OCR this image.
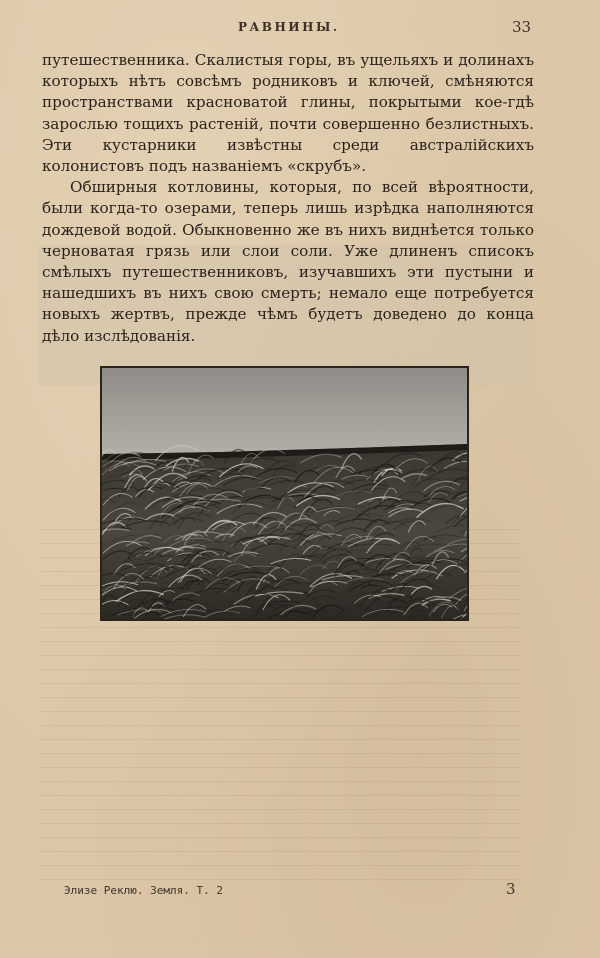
РАВНИНЫ.	33

путешественника. Скалистыя горы, въ ущельяхъ и долинахъ которыхъ нѣтъ совсѣмъ родниковъ и ключей, смѣняются пространствами красноватой глины, покрытыми кое-гдѣ зарослью тощихъ растеній, почти совершенно безлистныхъ. Эти кустарники извѣстны среди австралійскихъ колонистовъ подъ названіемъ «скрубъ».

Обширныя котловины, которыя, по всей вѣроятности, были когда-то озерами, теперь лишь изрѣдка наполняются дождевой водой. Обыкновенно же въ нихъ виднѣется только черноватая грязь или слои соли. Уже длиненъ списокъ смѣлыхъ путешественниковъ, изучавшихъ эти пустыни и нашедшихъ въ нихъ свою смерть; немало еще потребуется новыхъ жертвъ, прежде чѣмъ будетъ доведено до конца дѣло изслѣдованія.

Элизе Реклю. Земля. Т. 2	3
